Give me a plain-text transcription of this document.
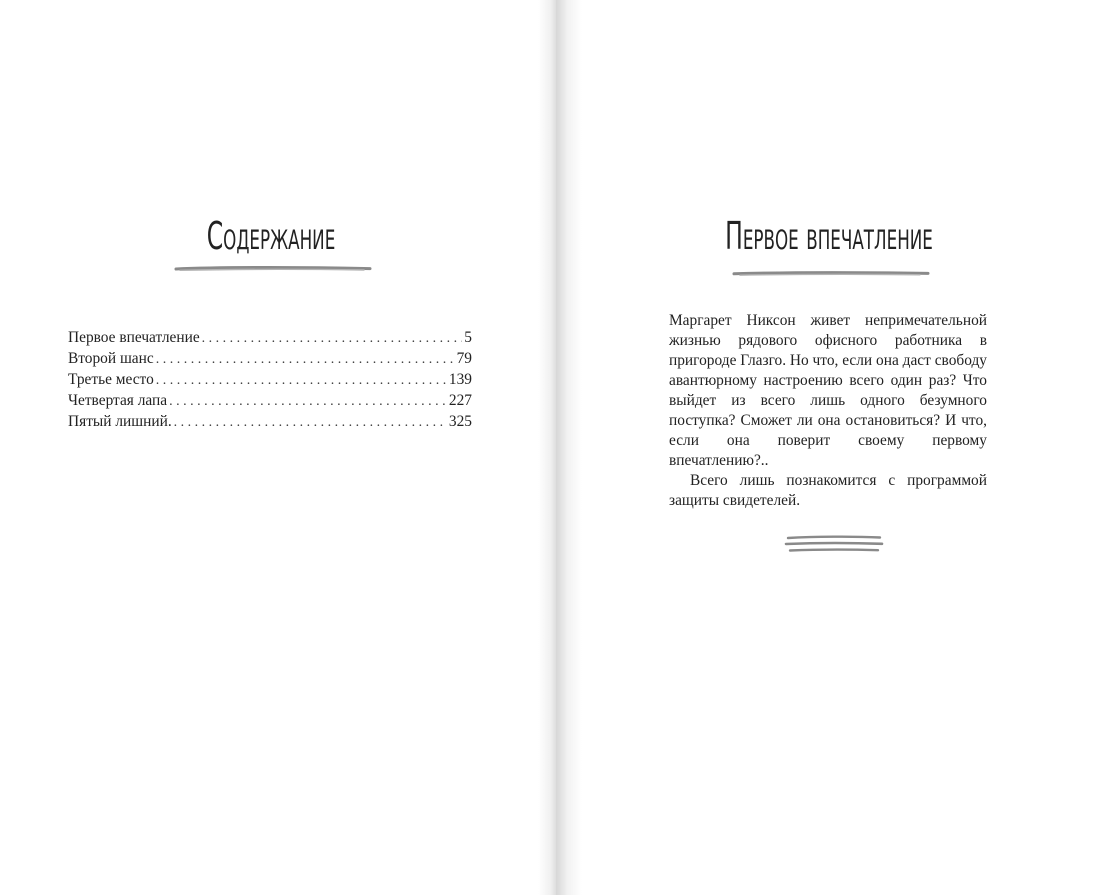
Содержание
Первое впечатление . . .	5
Второй шанс . . .	79
Третье место . . .	139
Четвертая лапа . . .	227
Пятый лишний. . . .	325
Первое впечатление

Маргарет Никсон живет непримечательной жизнью рядового офисного работника в пригороде Глазго. Но что, если она даст свободу авантюрному настроению всего один раз? Что выйдет из всего лишь одного безумного поступка? Сможет ли она остановиться? И что, если она поверит своему первому впечатлению?..

Всего лишь познакомится с программой защиты свидетелей.
